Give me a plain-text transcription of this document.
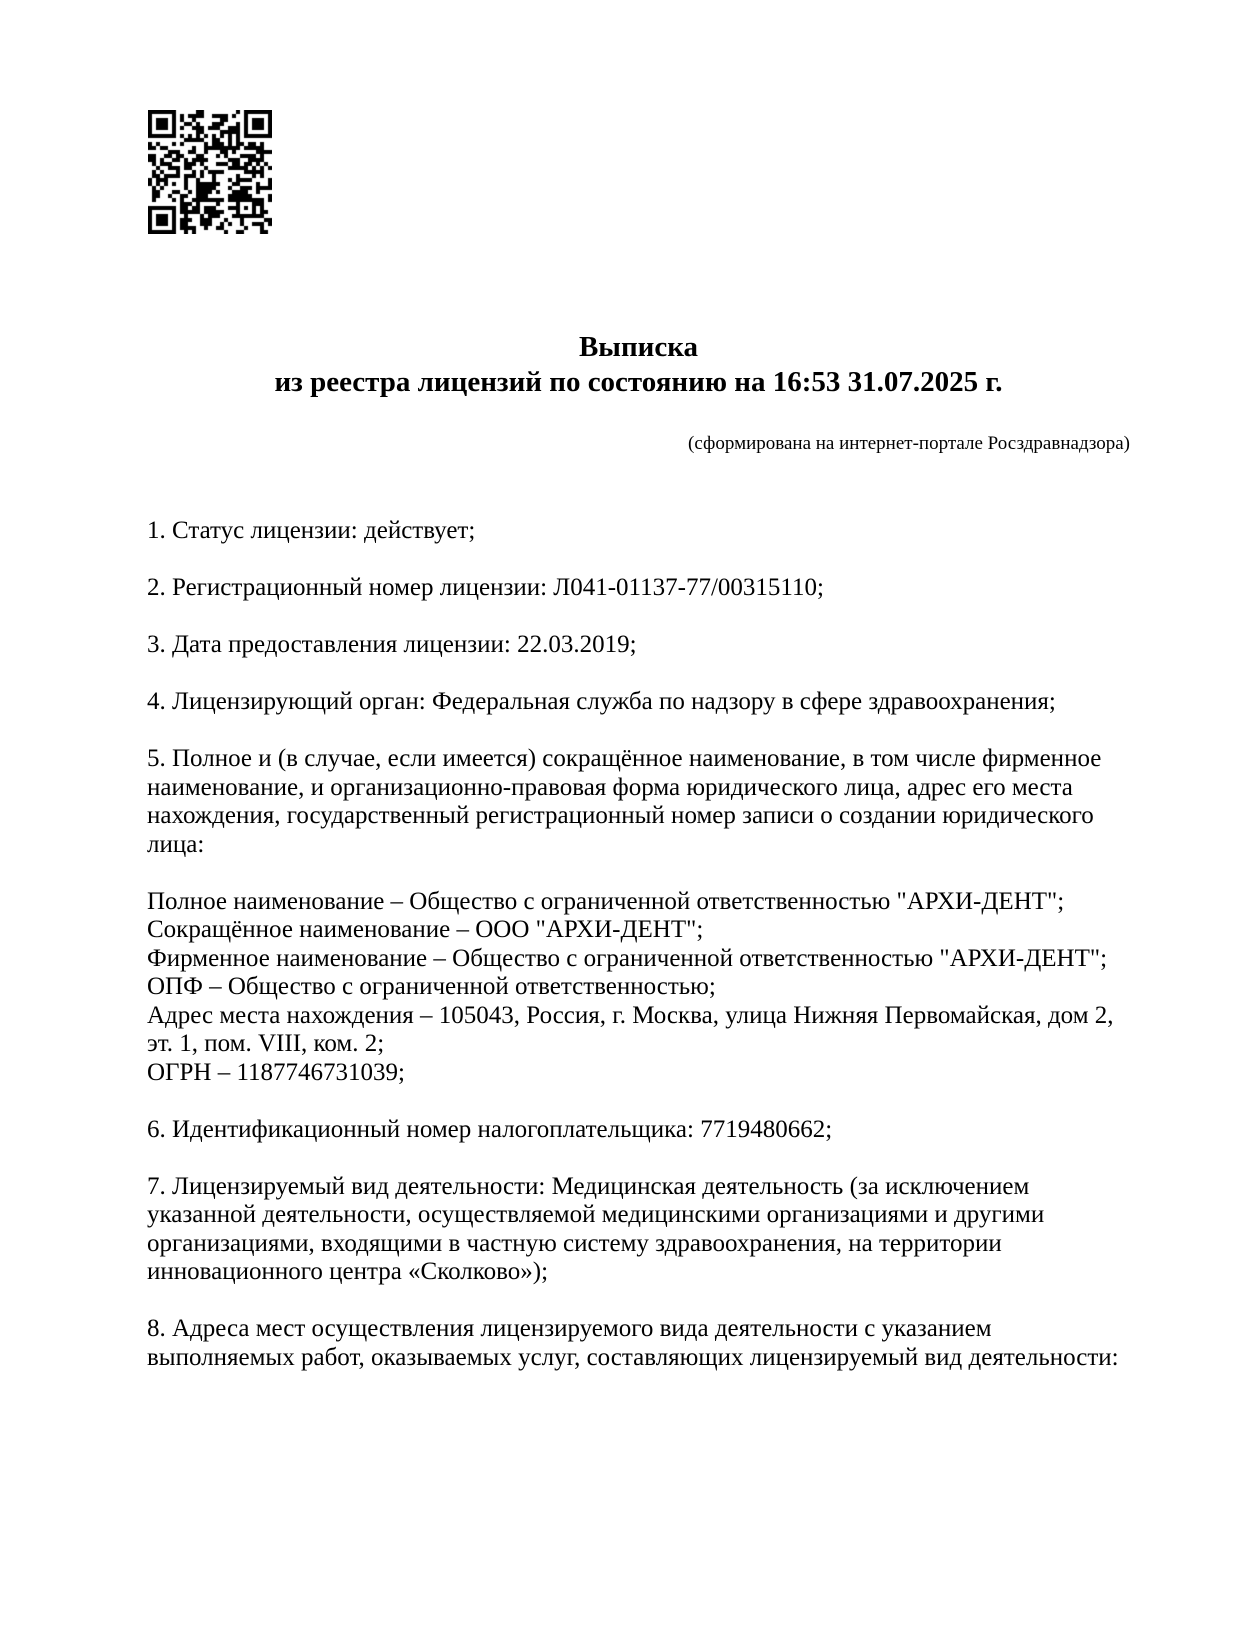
Выписка
из реестра лицензий по состоянию на 16:53 31.07.2025 г.
(сформирована на интернет-портале Росздравнадзора)
1. Статус лицензии: действует;
2. Регистрационный номер лицензии: Л041-01137-77/00315110;
3. Дата предоставления лицензии: 22.03.2019;
4. Лицензирующий орган: Федеральная служба по надзору в сфере здравоохранения;
5. Полное и (в случае, если имеется) сокращённое наименование, в том числе фирменное наименование, и организационно-правовая форма юридического лица, адрес его места нахождения, государственный регистрационный номер записи о создании юридического лица:
Полное наименование – Общество с ограниченной ответственностью "АРХИ-ДЕНТ";
Сокращённое наименование – ООО "АРХИ-ДЕНТ";
Фирменное наименование – Общество с ограниченной ответственностью "АРХИ-ДЕНТ";
ОПФ – Общество с ограниченной ответственностью;
Адрес места нахождения – 105043, Россия, г. Москва, улица Нижняя Первомайская, дом 2, эт. 1, пом. VIII, ком. 2;
ОГРН – 1187746731039;
6. Идентификационный номер налогоплательщика: 7719480662;
7. Лицензируемый вид деятельности: Медицинская деятельность (за исключением указанной деятельности, осуществляемой медицинскими организациями и другими организациями, входящими в частную систему здравоохранения, на территории инновационного центра «Сколково»);
8. Адреса мест осуществления лицензируемого вида деятельности с указанием выполняемых работ, оказываемых услуг, составляющих лицензируемый вид деятельности:
